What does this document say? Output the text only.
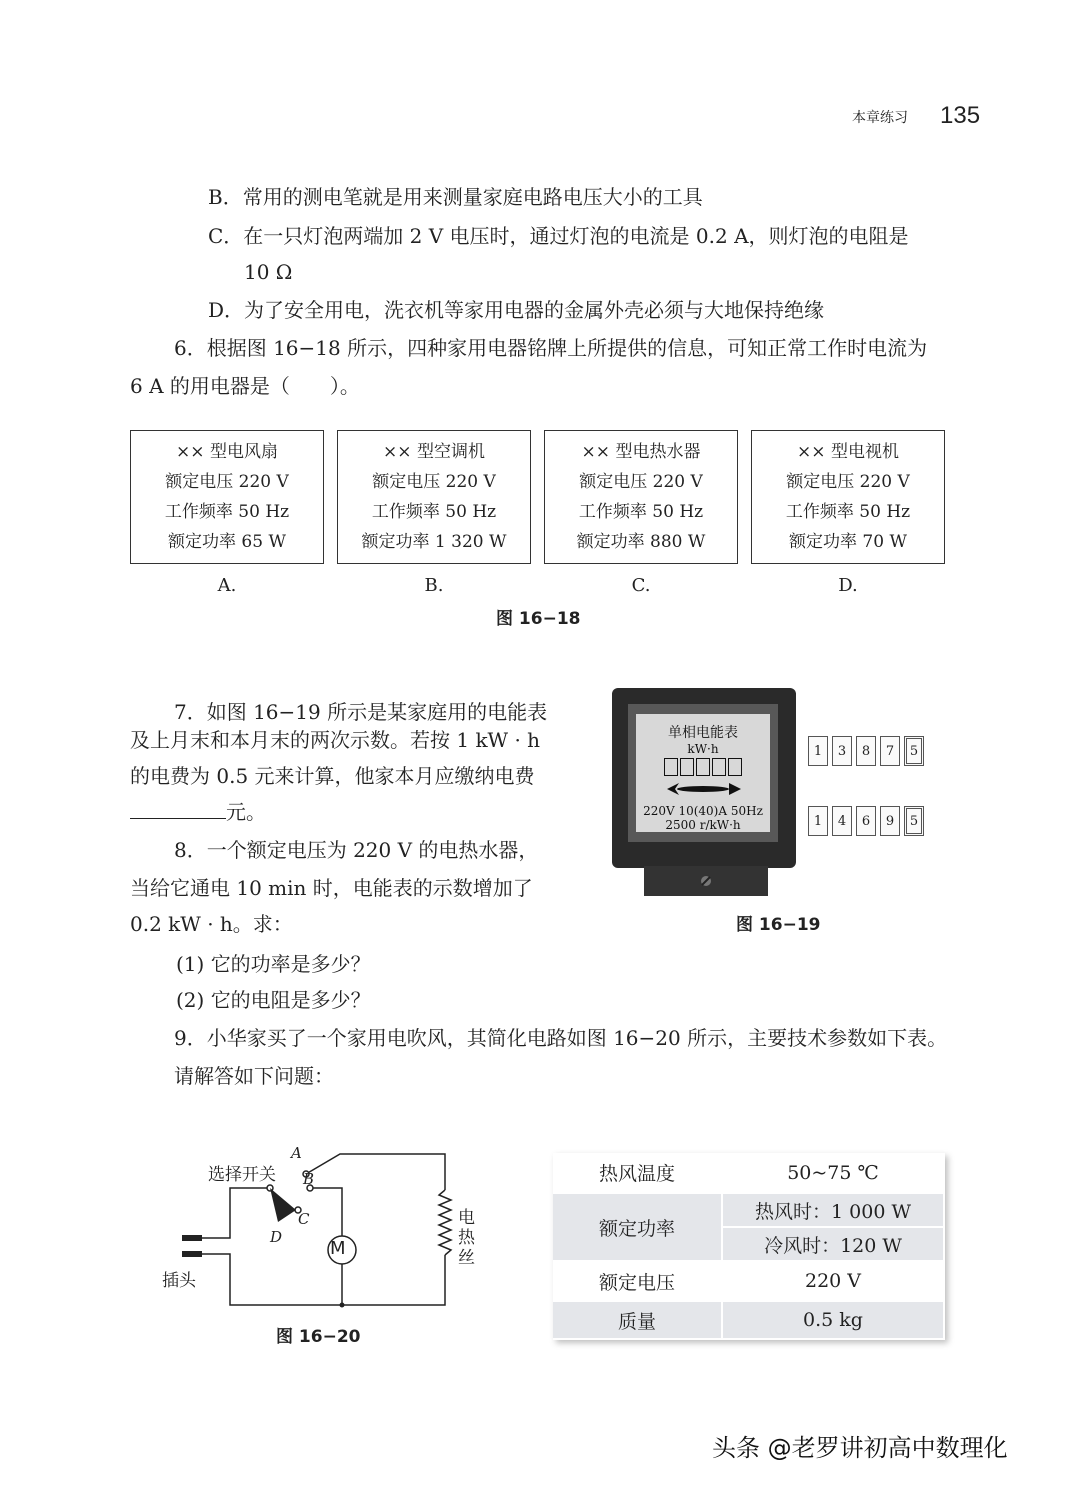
本章练习 135
B．常用的测电笔就是用来测量家庭电路电压大小的工具
C．在一只灯泡两端加 2 V 电压时，通过灯泡的电流是 0.2 A，则灯泡的电阻是
10 Ω
D．为了安全用电，洗衣机等家用电器的金属外壳必须与大地保持绝缘
6．根据图 16−18 所示，四种家用电器铭牌上所提供的信息，可知正常工作时电流为
6 A 的用电器是（　　）。
×× 型电风扇
额定电压 220 V
工作频率 50 Hz
额定功率 65 W
×× 型空调机
额定电压 220 V
工作频率 50 Hz
额定功率 1 320 W
×× 型电热水器
额定电压 220 V
工作频率 50 Hz
额定功率 880 W
×× 型电视机
额定电压 220 V
工作频率 50 Hz
额定功率 70 W
A.	B.	C.	D.
图 16−18
7．如图 16−19 所示是某家庭用的电能表
及上月末和本月末的两次示数。若按 1 kW · h
的电费为 0.5 元来计算，他家本月应缴纳电费
元。
8．一个额定电压为 220 V 的电热水器，
当给它通电 10 min 时，电能表的示数增加了
0.2 kW · h。求：
(1) 它的功率是多少？
(2) 它的电阻是多少？
单相电能表
kW·h
220V 10(40)A 50Hz
2500 r/kW·h
1	3	8	7	5
1	4	6	9	5
图 16−19
9．小华家买了一个家用电吹风，其简化电路如图 16−20 所示，主要技术参数如下表。
请解答如下问题：
M
选择开关
插头
电热丝
A
B
C
D
图 16−20
热风温度	50~75 ℃
额定功率	热风时：1 000 W
	冷风时：120 W
额定电压	220 V
质量	0.5 kg
头条 @老罗讲初高中数理化
